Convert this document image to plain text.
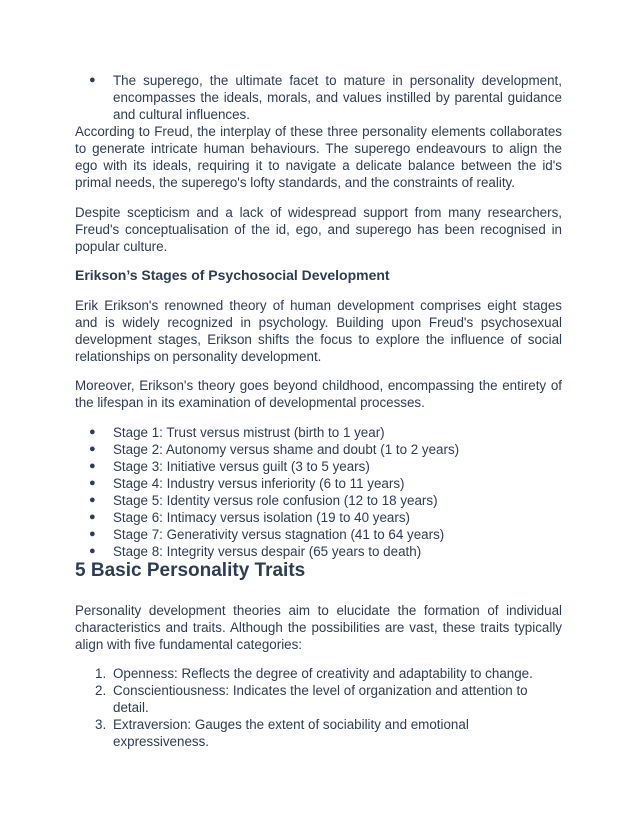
● The superego, the ultimate facet to mature in personality development, encompasses the ideals, morals, and values instilled by parental guidance and cultural influences.

According to Freud, the interplay of these three personality elements collaborates to generate intricate human behaviours. The superego endeavours to align the ego with its ideals, requiring it to navigate a delicate balance between the id's primal needs, the superego's lofty standards, and the constraints of reality.

Despite scepticism and a lack of widespread support from many researchers, Freud's conceptualisation of the id, ego, and superego has been recognised in popular culture.

Erikson’s Stages of Psychosocial Development

Erik Erikson's renowned theory of human development comprises eight stages and is widely recognized in psychology. Building upon Freud's psychosexual development stages, Erikson shifts the focus to explore the influence of social relationships on personality development.

Moreover, Erikson's theory goes beyond childhood, encompassing the entirety of the lifespan in its examination of developmental processes.

● Stage 1: Trust versus mistrust (birth to 1 year)
● Stage 2: Autonomy versus shame and doubt (1 to 2 years)
● Stage 3: Initiative versus guilt (3 to 5 years)
● Stage 4: Industry versus inferiority (6 to 11 years)
● Stage 5: Identity versus role confusion (12 to 18 years)
● Stage 6: Intimacy versus isolation (19 to 40 years)
● Stage 7: Generativity versus stagnation (41 to 64 years)
● Stage 8: Integrity versus despair (65 years to death)
5 Basic Personality Traits

Personality development theories aim to elucidate the formation of individual characteristics and traits. Although the possibilities are vast, these traits typically align with five fundamental categories:

1. Openness: Reflects the degree of creativity and adaptability to change.
2. Conscientiousness: Indicates the level of organization and attention to detail.
3. Extraversion: Gauges the extent of sociability and emotional expressiveness.
